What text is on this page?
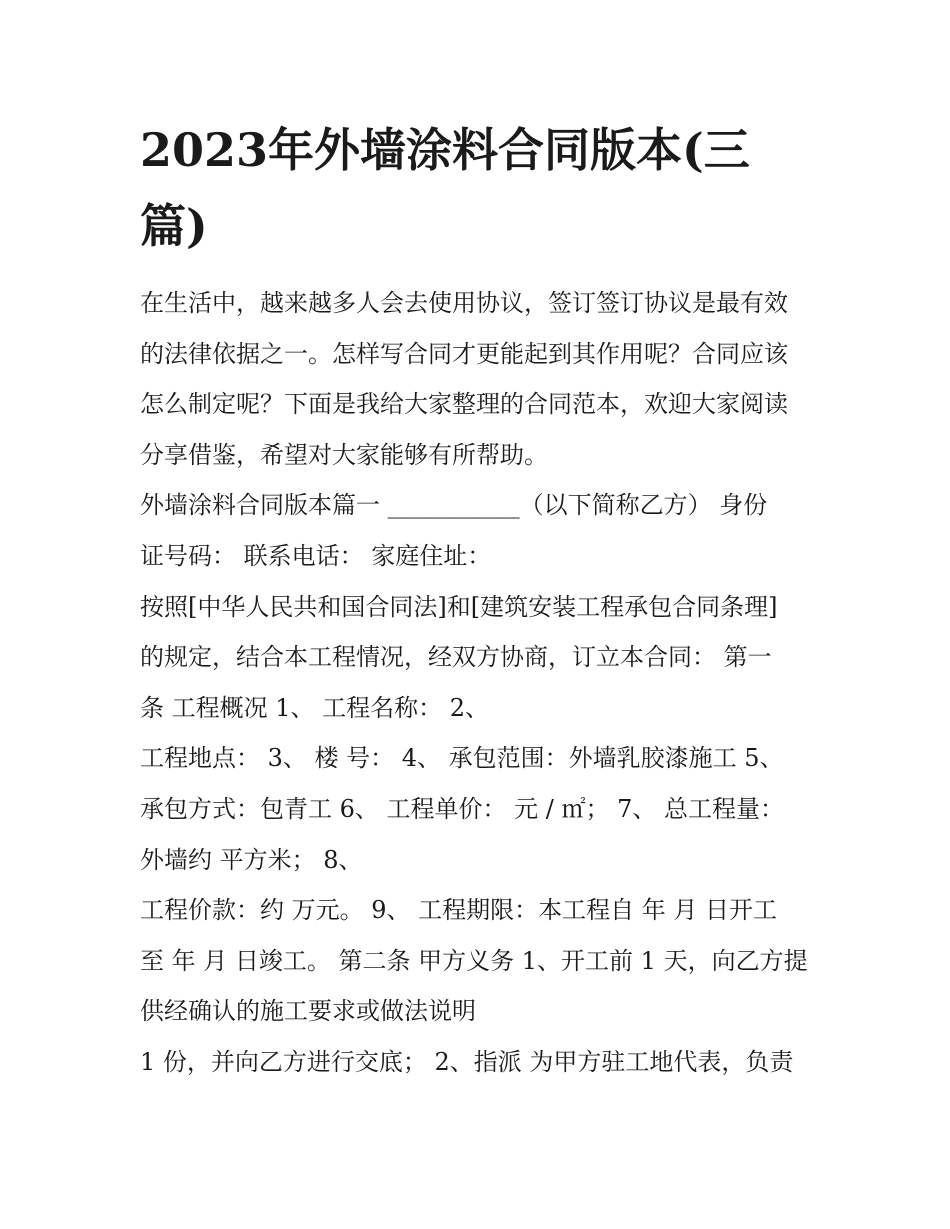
2023年外墙涂料合同版本(三
篇)

在生活中，越来越多人会去使用协议，签订签订协议是最有效

的法律依据之一。怎样写合同才更能起到其作用呢？合同应该

怎么制定呢？下面是我给大家整理的合同范本，欢迎大家阅读

分享借鉴，希望对大家能够有所帮助。

外墙涂料合同版本篇一 ___________（以下简称乙方） 身份

证号码： 联系电话： 家庭住址：

按照[中华人民共和国合同法]和[建筑安装工程承包合同条理]

的规定，结合本工程情况，经双方协商，订立本合同： 第一

条 工程概况 1、 工程名称： 2、

工程地点： 3、 楼 号： 4、 承包范围：外墙乳胶漆施工 5、

承包方式：包青工 6、 工程单价： 元 / ㎡； 7、 总工程量：

外墙约 平方米； 8、

工程价款：约 万元。 9、 工程期限：本工程自 年 月 日开工

至 年 月 日竣工。 第二条 甲方义务 1、开工前 1 天，向乙方提

供经确认的施工要求或做法说明

1 份，并向乙方进行交底； 2、指派 为甲方驻工地代表，负责
